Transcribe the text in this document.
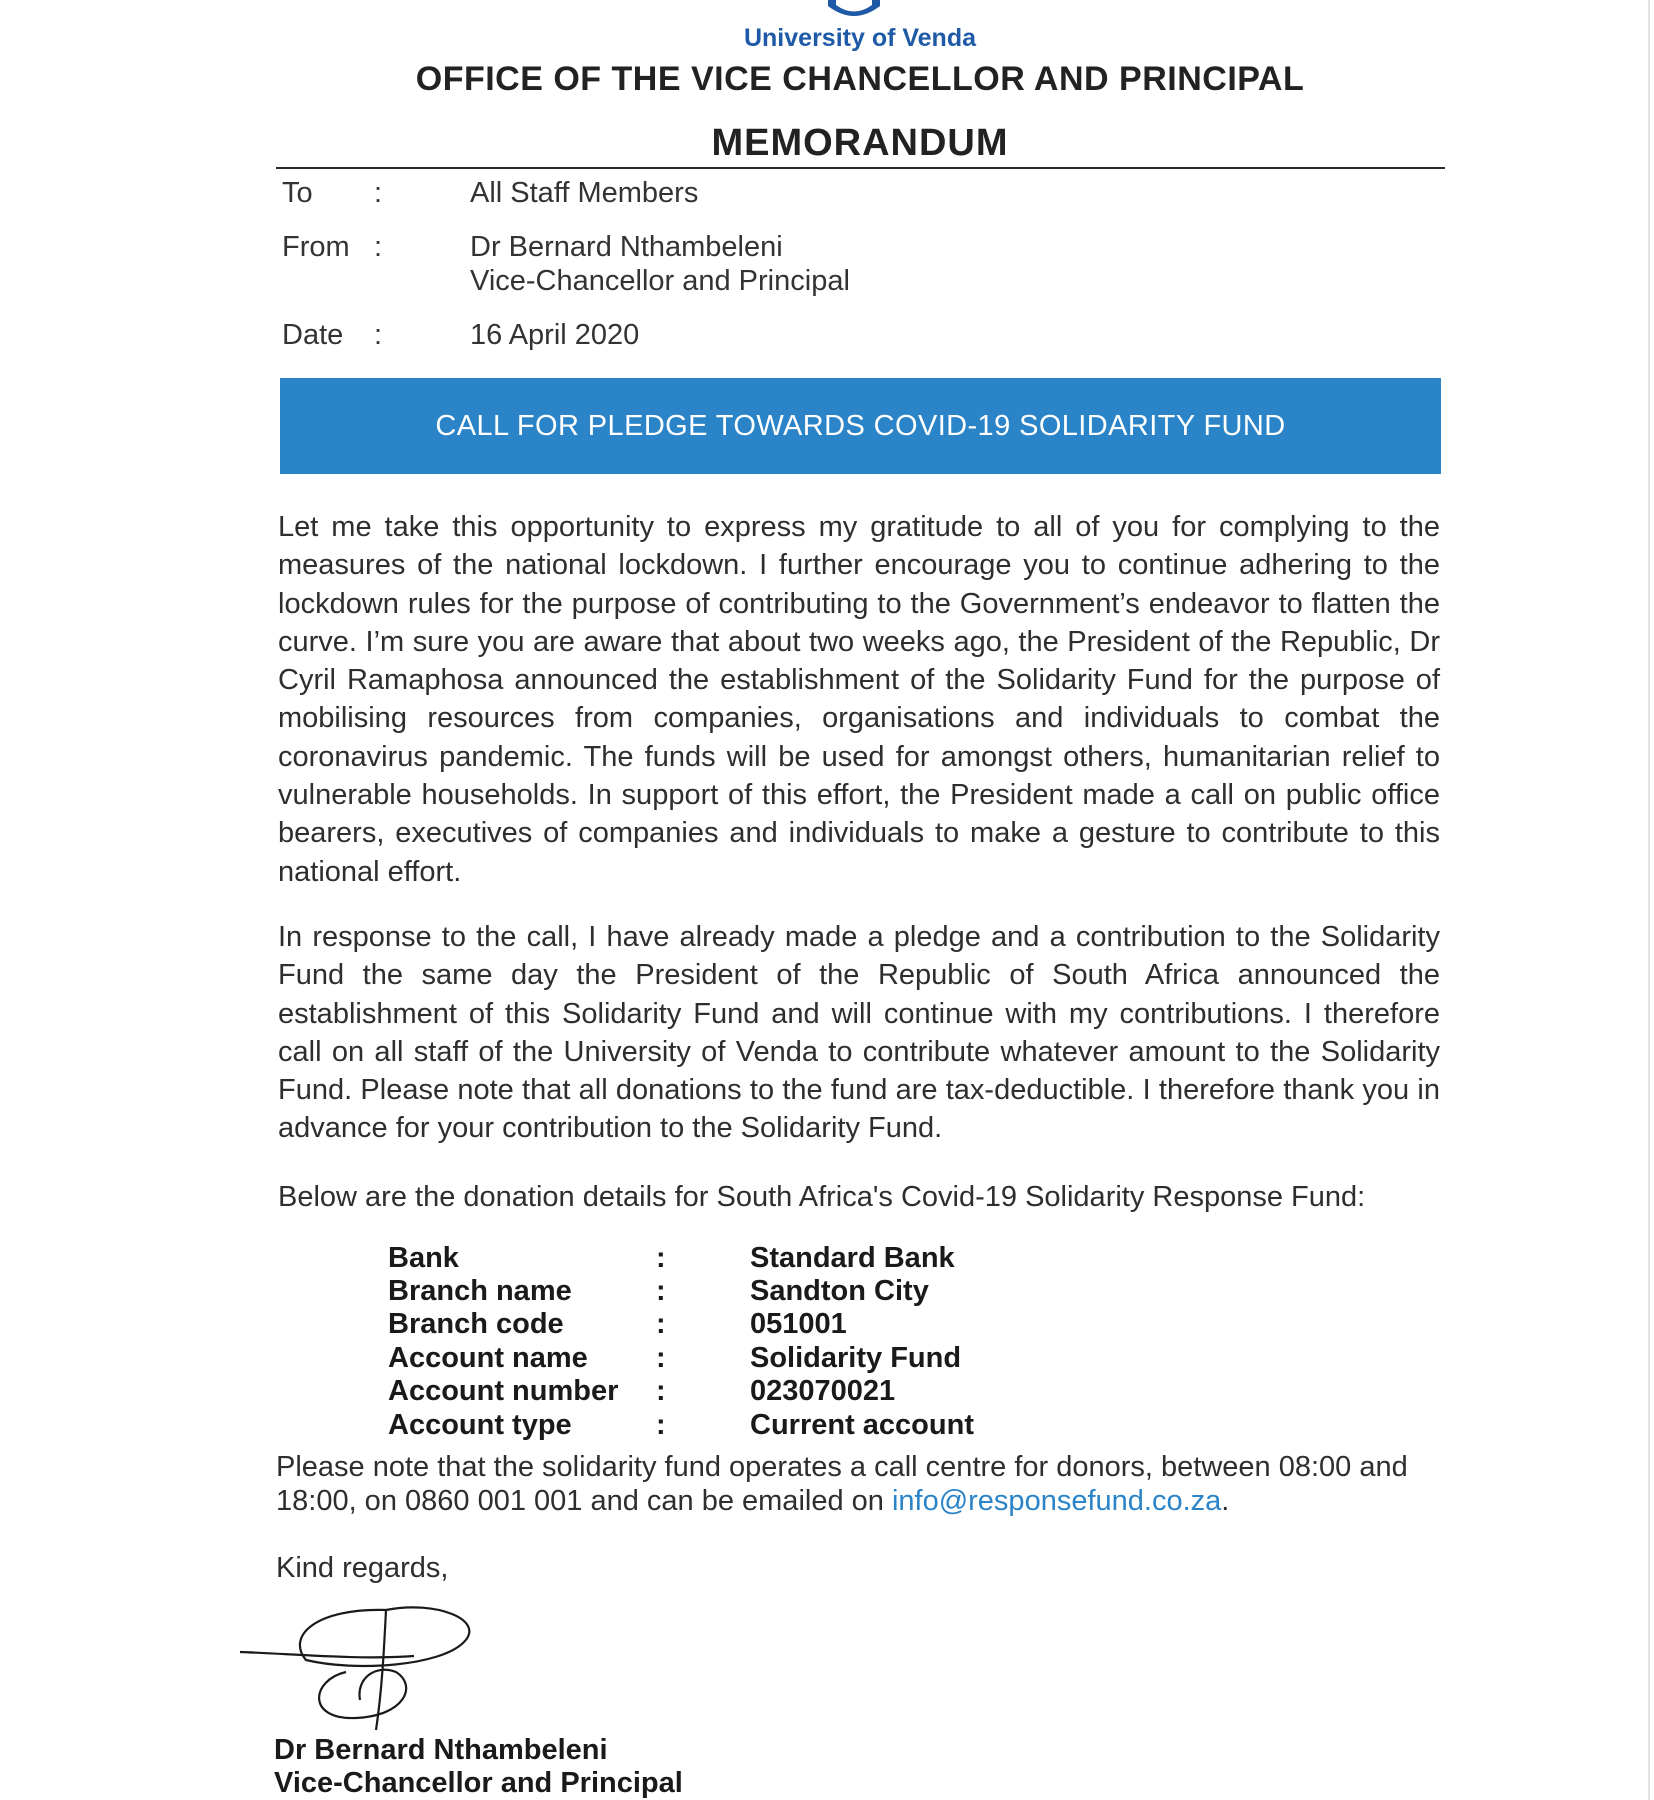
University of Venda
OFFICE OF THE VICE CHANCELLOR AND PRINCIPAL
MEMORANDUM
To :	All Staff Members
From :	Dr Bernard Nthambeleni
Vice-Chancellor and Principal
Date :	16 April 2020
CALL FOR PLEDGE TOWARDS COVID-19 SOLIDARITY FUND

Let me take this opportunity to express my gratitude to all of you for complying to the measures of the national lockdown. I further encourage you to continue adhering to the lockdown rules for the purpose of contributing to the Government’s endeavor to flatten the curve. I’m sure you are aware that about two weeks ago, the President of the Republic, Dr Cyril Ramaphosa announced the establishment of the Solidarity Fund for the purpose of mobilising resources from companies, organisations and individuals to combat the coronavirus pandemic. The funds will be used for amongst others, humanitarian relief to vulnerable households. In support of this effort, the President made a call on public office bearers, executives of companies and individuals to make a gesture to contribute to this national effort.

In response to the call, I have already made a pledge and a contribution to the Solidarity Fund the same day the President of the Republic of South Africa announced the establishment of this Solidarity Fund and will continue with my contributions. I therefore call on all staff of the University of Venda to contribute whatever amount to the Solidarity Fund. Please note that all donations to the fund are tax-deductible. I therefore thank you in advance for your contribution to the Solidarity Fund.

Below are the donation details for South Africa's Covid-19 Solidarity Response Fund:

Bank	:	Standard Bank
Branch name	:	Sandton City
Branch code	:	051001
Account name :	Solidarity Fund
Account number :	023070021
Account type	:	Current account

Please note that the solidarity fund operates a call centre for donors, between 08:00 and 18:00, on 0860 001 001 and can be emailed on info@responsefund.co.za.

Kind regards,
Dr Bernard Nthambeleni
Vice-Chancellor and Principal
